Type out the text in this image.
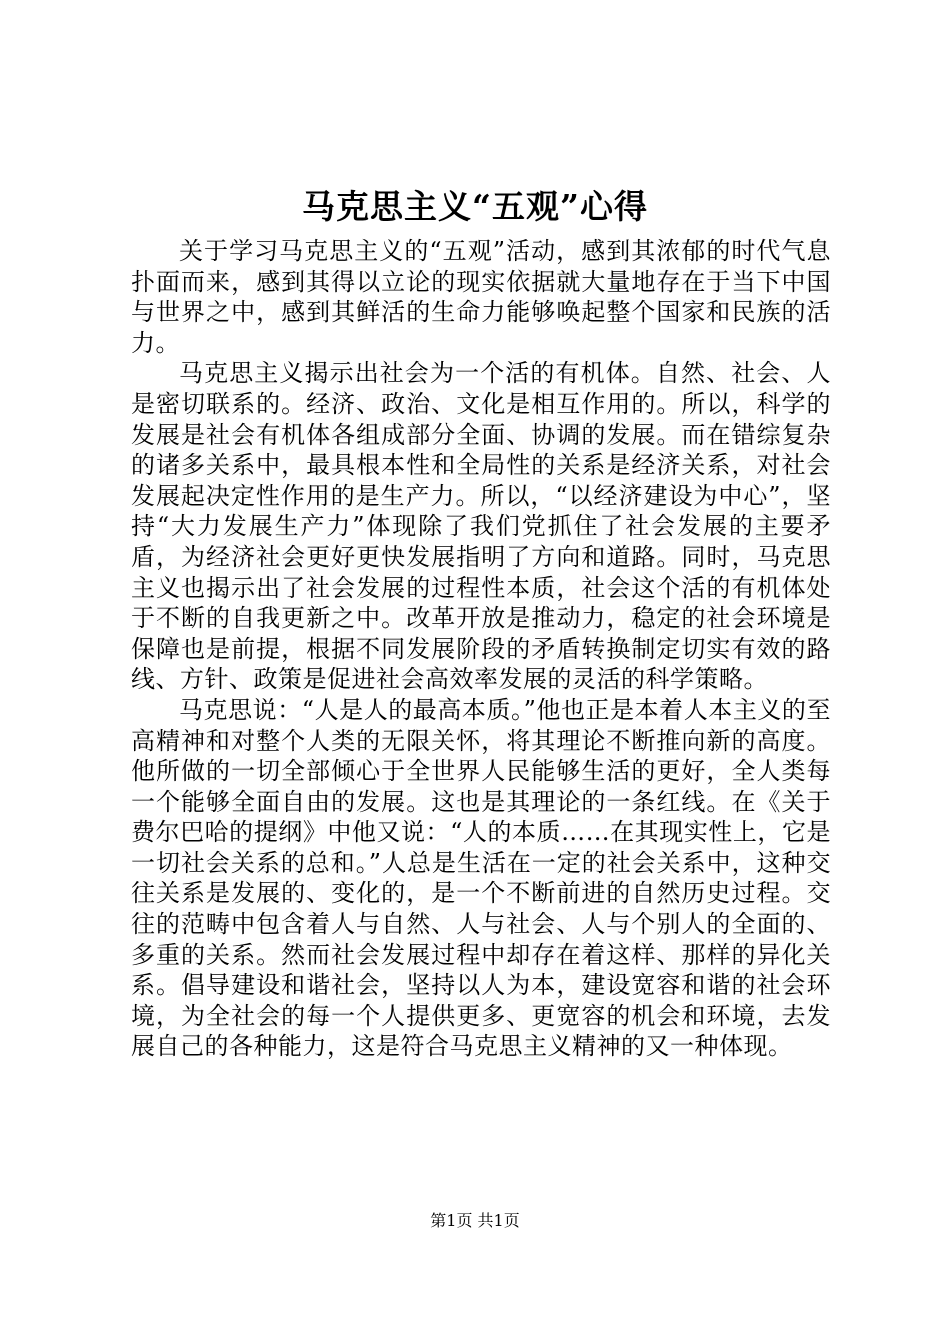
马克思主义“五观”心得

关于学习马克思主义的“五观”活动，感到其浓郁的时代气息扑面而来，感到其得以立论的现实依据就大量地存在于当下中国与世界之中，感到其鲜活的生命力能够唤起整个国家和民族的活力。

马克思主义揭示出社会为一个活的有机体。自然、社会、人是密切联系的。经济、政治、文化是相互作用的。所以，科学的发展是社会有机体各组成部分全面、协调的发展。而在错综复杂的诸多关系中，最具根本性和全局性的关系是经济关系，对社会发展起决定性作用的是生产力。所以，“以经济建设为中心”，坚持“大力发展生产力”体现除了我们党抓住了社会发展的主要矛盾，为经济社会更好更快发展指明了方向和道路。同时，马克思主义也揭示出了社会发展的过程性本质，社会这个活的有机体处于不断的自我更新之中。改革开放是推动力，稳定的社会环境是保障也是前提，根据不同发展阶段的矛盾转换制定切实有效的路线、方针、政策是促进社会高效率发展的灵活的科学策略。

马克思说：“人是人的最高本质。”他也正是本着人本主义的至高精神和对整个人类的无限关怀，将其理论不断推向新的高度。他所做的一切全部倾心于全世界人民能够生活的更好，全人类每一个能够全面自由的发展。这也是其理论的一条红线。在《关于费尔巴哈的提纲》中他又说：“人的本质……在其现实性上，它是一切社会关系的总和。”人总是生活在一定的社会关系中，这种交往关系是发展的、变化的，是一个不断前进的自然历史过程。交往的范畴中包含着人与自然、人与社会、人与个别人的全面的、多重的关系。然而社会发展过程中却存在着这样、那样的异化关系。倡导建设和谐社会，坚持以人为本，建设宽容和谐的社会环境，为全社会的每一个人提供更多、更宽容的机会和环境，去发展自己的各种能力，这是符合马克思主义精神的又一种体现。

第1页 共1页
